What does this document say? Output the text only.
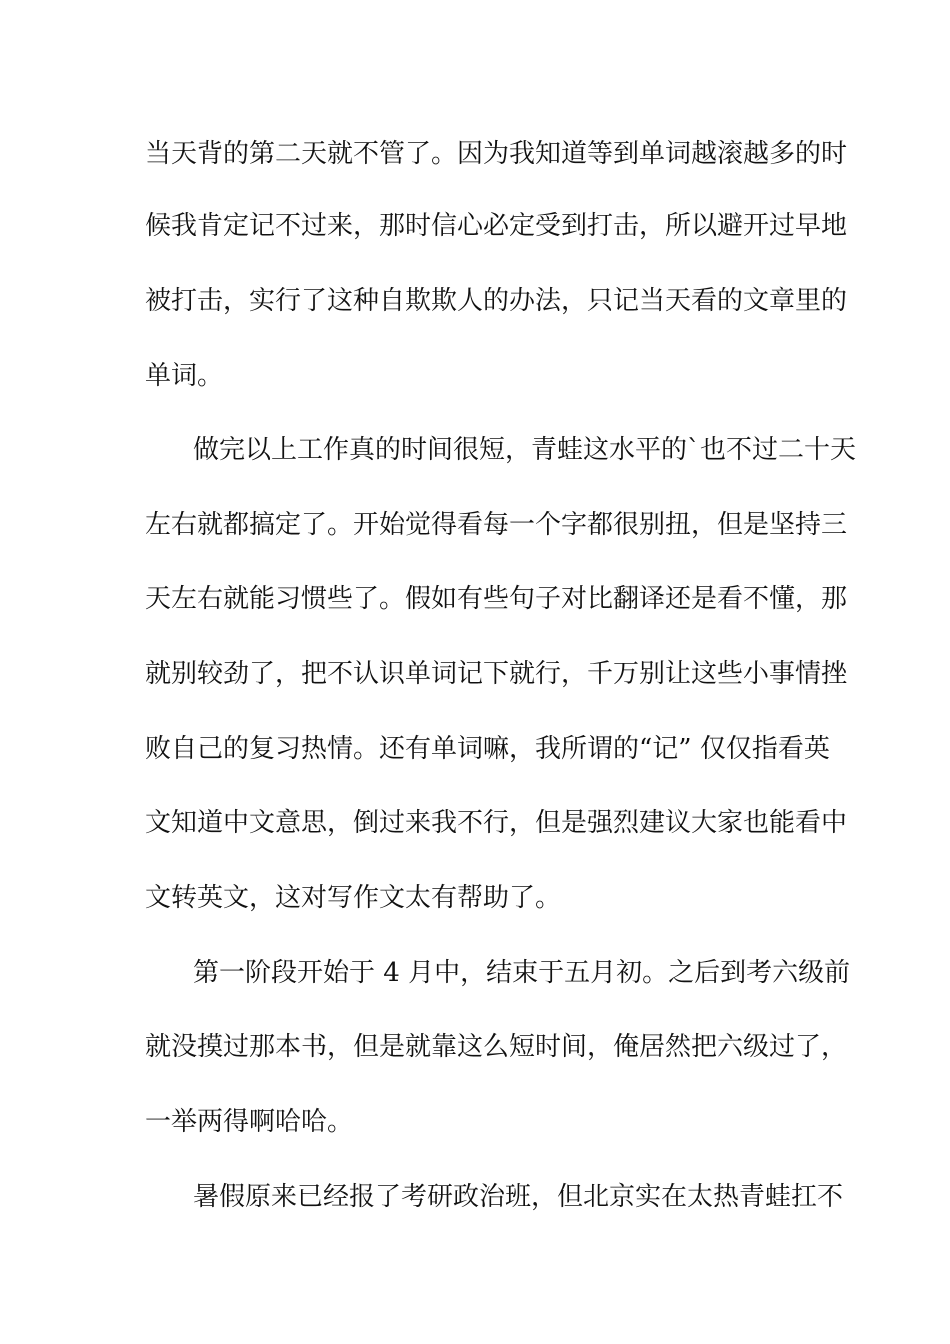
当天背的第二天就不管了。因为我知道等到单词越滚越多的时
候我肯定记不过来，那时信心必定受到打击，所以避开过早地
被打击，实行了这种自欺欺人的办法，只记当天看的文章里的
单词。
做完以上工作真的时间很短，青蛙这水平的`也不过二十天
左右就都搞定了。开始觉得看每一个字都很别扭，但是坚持三
天左右就能习惯些了。假如有些句子对比翻译还是看不懂，那
就别较劲了，把不认识单词记下就行，千万别让这些小事情挫
败自己的复习热情。还有单词嘛，我所谓的“记” 仅仅指看英
文知道中文意思，倒过来我不行，但是强烈建议大家也能看中
文转英文，这对写作文太有帮助了。
第一阶段开始于 4 月中，结束于五月初。之后到考六级前
就没摸过那本书，但是就靠这么短时间，俺居然把六级过了，
一举两得啊哈哈。
暑假原来已经报了考研政治班，但北京实在太热青蛙扛不
